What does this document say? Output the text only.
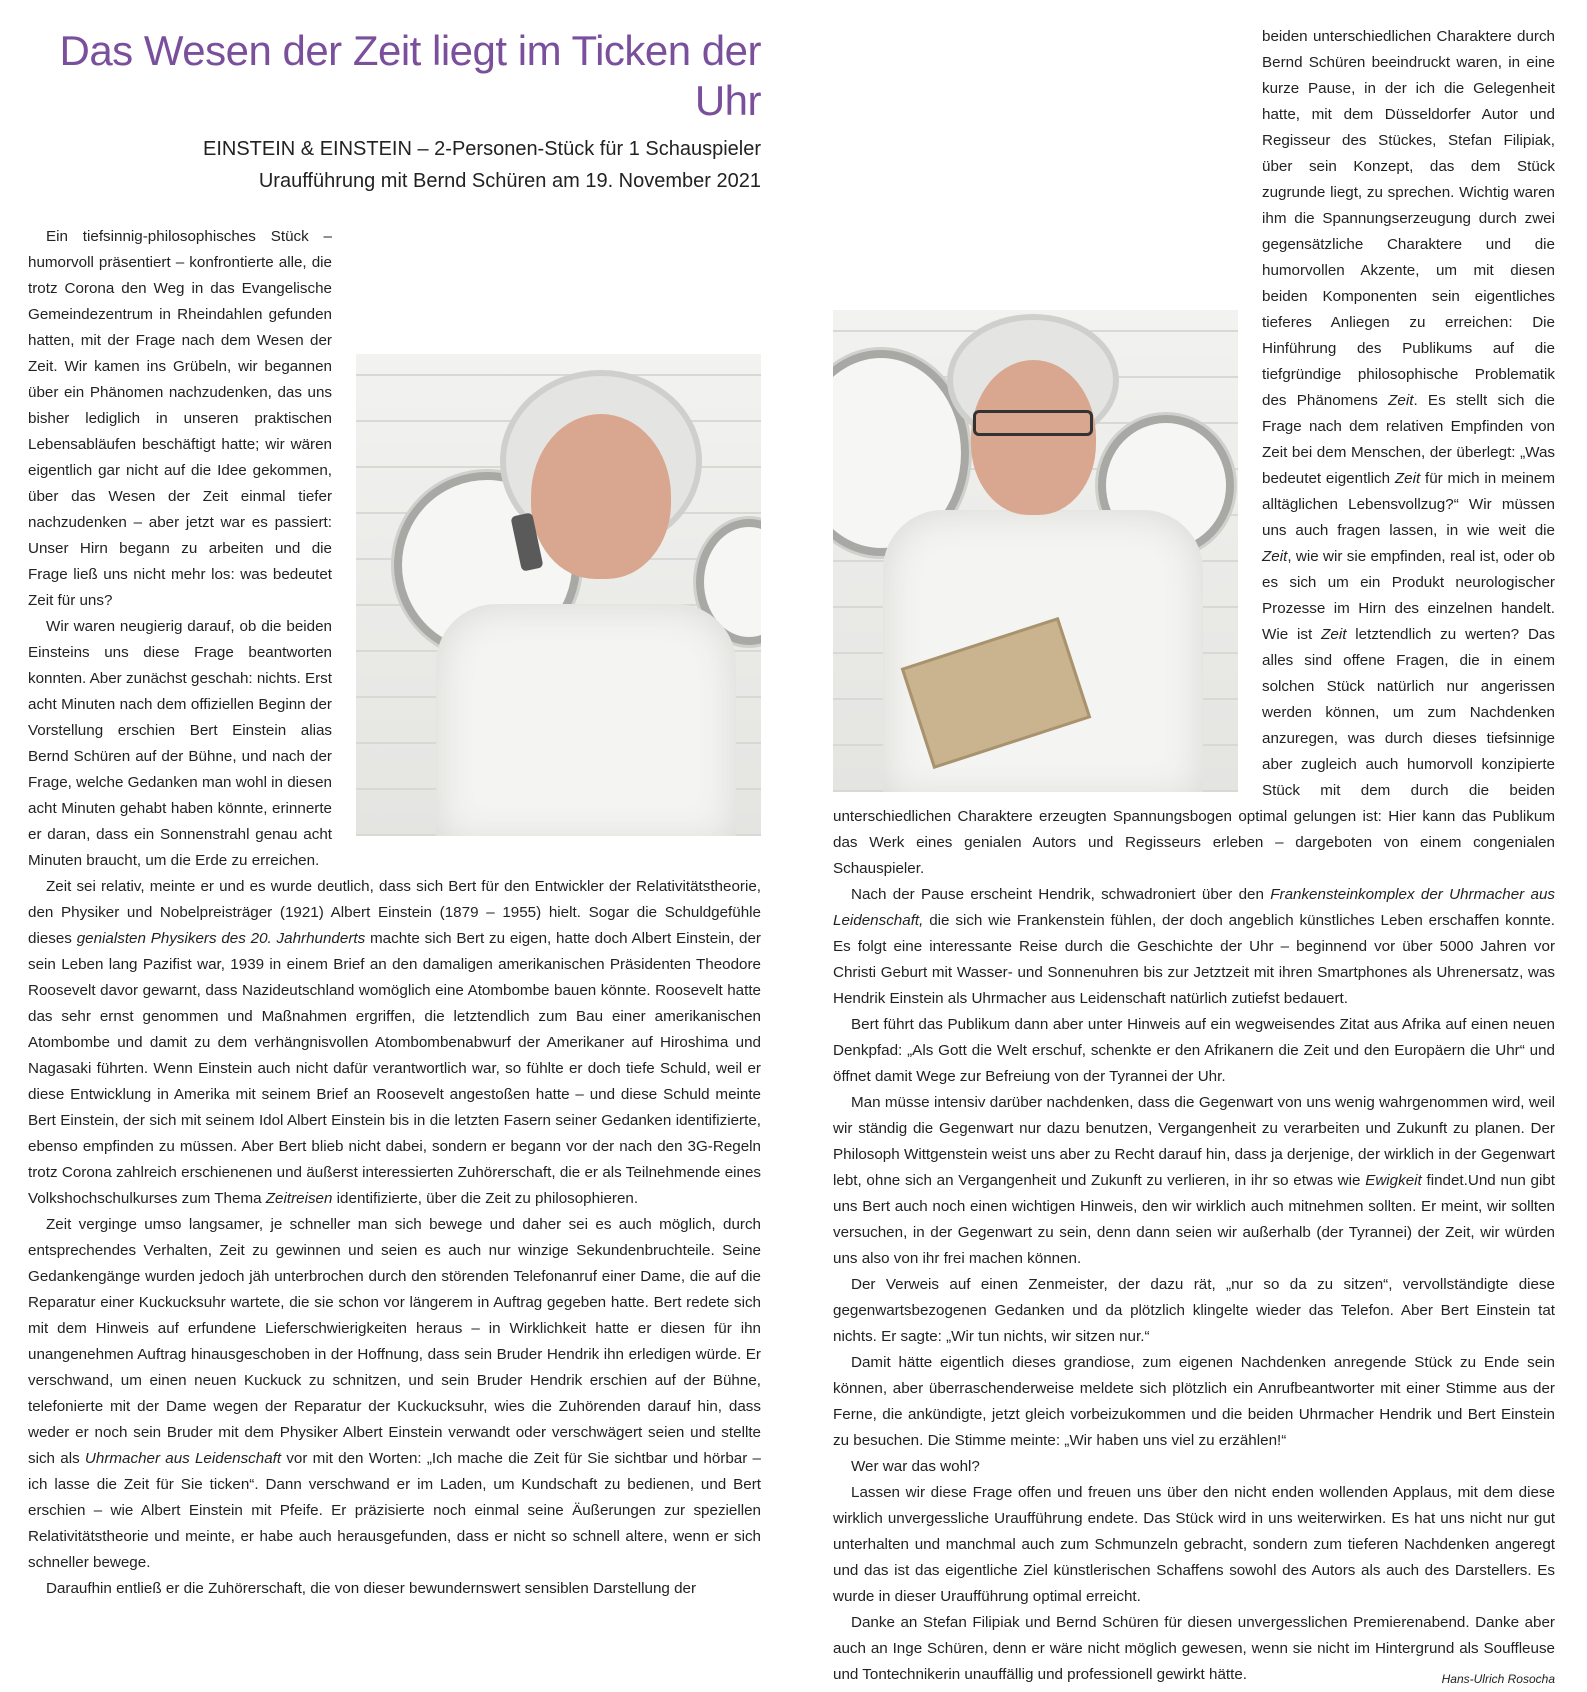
Das Wesen der Zeit liegt im Ticken der Uhr
EINSTEIN & EINSTEIN – 2-Personen-Stück für 1 Schauspieler
Uraufführung mit Bernd Schüren am 19. November 2021

Ein tiefsinnig-philosophisches Stück – humorvoll präsentiert – konfrontierte alle, die trotz Corona den Weg in das Evangelische Gemeindezentrum in Rheindahlen gefunden hatten, mit der Frage nach dem Wesen der Zeit. Wir kamen ins Grübeln, wir begannen über ein Phänomen nachzudenken, das uns bisher lediglich in unseren praktischen Lebensabläufen beschäftigt hatte; wir wären eigentlich gar nicht auf die Idee gekommen, über das Wesen der Zeit einmal tiefer nachzudenken – aber jetzt war es passiert: Unser Hirn begann zu arbeiten und die Frage ließ uns nicht mehr los: was bedeutet Zeit für uns?

Wir waren neugierig darauf, ob die beiden Einsteins uns diese Frage beantworten konnten. Aber zunächst geschah: nichts. Erst acht Minuten nach dem offiziellen Beginn der Vorstellung erschien Bert Einstein alias Bernd Schüren auf der Bühne, und nach der Frage, welche Gedanken man wohl in diesen acht Minuten gehabt haben könnte, erinnerte er daran, dass ein Sonnenstrahl genau acht Minuten braucht, um die Erde zu erreichen.

Zeit sei relativ, meinte er und es wurde deutlich, dass sich Bert für den Entwickler der Relativitätstheorie, den Physiker und Nobelpreisträger (1921) Albert Einstein (1879 – 1955) hielt. Sogar die Schuldgefühle dieses genialsten Physikers des 20. Jahrhunderts machte sich Bert zu eigen, hatte doch Albert Einstein, der sein Leben lang Pazifist war, 1939 in einem Brief an den damaligen amerikanischen Präsidenten Theodore Roosevelt davor gewarnt, dass Nazideutschland womöglich eine Atombombe bauen könnte. Roosevelt hatte das sehr ernst genommen und Maßnahmen ergriffen, die letztendlich zum Bau einer amerikanischen Atombombe und damit zu dem verhängnisvollen Atombombenabwurf der Amerikaner auf Hiroshima und Nagasaki führten. Wenn Einstein auch nicht dafür verantwortlich war, so fühlte er doch tiefe Schuld, weil er diese Entwicklung in Amerika mit seinem Brief an Roosevelt angestoßen hatte – und diese Schuld meinte Bert Einstein, der sich mit seinem Idol Albert Einstein bis in die letzten Fasern seiner Gedanken identifizierte, ebenso empfinden zu müssen. Aber Bert blieb nicht dabei, sondern er begann vor der nach den 3G-Regeln trotz Corona zahlreich erschienenen und äußerst interessierten Zuhörerschaft, die er als Teilnehmende eines Volkshochschulkurses zum Thema Zeitreisen identifizierte, über die Zeit zu philosophieren.

Zeit verginge umso langsamer, je schneller man sich bewege und daher sei es auch möglich, durch entsprechendes Verhalten, Zeit zu gewinnen und seien es auch nur winzige Sekundenbruchteile. Seine Gedankengänge wurden jedoch jäh unterbrochen durch den störenden Telefonanruf einer Dame, die auf die Reparatur einer Kuckucksuhr wartete, die sie schon vor längerem in Auftrag gegeben hatte. Bert redete sich mit dem Hinweis auf erfundene Lieferschwierigkeiten heraus – in Wirklichkeit hatte er diesen für ihn unangenehmen Auftrag hinausgeschoben in der Hoffnung, dass sein Bruder Hendrik ihn erledigen würde. Er verschwand, um einen neuen Kuckuck zu schnitzen, und sein Bruder Hendrik erschien auf der Bühne, telefonierte mit der Dame wegen der Reparatur der Kuckucksuhr, wies die Zuhörenden darauf hin, dass weder er noch sein Bruder mit dem Physiker Albert Einstein verwandt oder verschwägert seien und stellte sich als Uhrmacher aus Leidenschaft vor mit den Worten: „Ich mache die Zeit für Sie sichtbar und hörbar – ich lasse die Zeit für Sie ticken“. Dann verschwand er im Laden, um Kundschaft zu bedienen, und Bert erschien – wie Albert Einstein mit Pfeife. Er präzisierte noch einmal seine Äußerungen zur speziellen Relativitätstheorie und meinte, er habe auch herausgefunden, dass er nicht so schnell altere, wenn er sich schneller bewege.

Daraufhin entließ er die Zuhörerschaft, die von dieser bewundernswert sensiblen Darstellung der

beiden unterschiedlichen Charaktere durch Bernd Schüren beeindruckt waren, in eine kurze Pause, in der ich die Gelegenheit hatte, mit dem Düsseldorfer Autor und Regisseur des Stückes, Stefan Filipiak, über sein Konzept, das dem Stück zugrunde liegt, zu sprechen. Wichtig waren ihm die Spannungserzeugung durch zwei gegensätzliche Charaktere und die humorvollen Akzente, um mit diesen beiden Komponenten sein eigentliches tieferes Anliegen zu erreichen: Die Hinführung des Publikums auf die tiefgründige philosophische Problematik des Phänomens Zeit. Es stellt sich die Frage nach dem relativen Empfinden von Zeit bei dem Menschen, der überlegt: „Was bedeutet eigentlich Zeit für mich in meinem alltäglichen Lebensvollzug?“ Wir müssen uns auch fragen lassen, in wie weit die Zeit, wie wir sie empfinden, real ist, oder ob es sich um ein Produkt neurologischer Prozesse im Hirn des einzelnen handelt. Wie ist Zeit letztendlich zu werten? Das alles sind offene Fragen, die in einem solchen Stück natürlich nur angerissen werden können, um zum Nachdenken anzuregen, was durch dieses tiefsinnige aber zugleich auch humorvoll konzipierte Stück mit dem durch die beiden unterschiedlichen Charaktere erzeugten Spannungsbogen optimal gelungen ist: Hier kann das Publikum das Werk eines genialen Autors und Regisseurs erleben – dargeboten von einem congenialen Schauspieler.

Nach der Pause erscheint Hendrik, schwadroniert über den Frankensteinkomplex der Uhrmacher aus Leidenschaft, die sich wie Frankenstein fühlen, der doch angeblich künstliches Leben erschaffen konnte. Es folgt eine interessante Reise durch die Geschichte der Uhr – beginnend vor über 5000 Jahren vor Christi Geburt mit Wasser- und Sonnenuhren bis zur Jetztzeit mit ihren Smartphones als Uhrenersatz, was Hendrik Einstein als Uhrmacher aus Leidenschaft natürlich zutiefst bedauert.

Bert führt das Publikum dann aber unter Hinweis auf ein wegweisendes Zitat aus Afrika auf einen neuen Denkpfad: „Als Gott die Welt erschuf, schenkte er den Afrikanern die Zeit und den Europäern die Uhr“ und öffnet damit Wege zur Befreiung von der Tyrannei der Uhr.

Man müsse intensiv darüber nachdenken, dass die Gegenwart von uns wenig wahrgenommen wird, weil wir ständig die Gegenwart nur dazu benutzen, Vergangenheit zu verarbeiten und Zukunft zu planen. Der Philosoph Wittgenstein weist uns aber zu Recht darauf hin, dass ja derjenige, der wirklich in der Gegenwart lebt, ohne sich an Vergangenheit und Zukunft zu verlieren, in ihr so etwas wie Ewigkeit findet.Und nun gibt uns Bert auch noch einen wichtigen Hinweis, den wir wirklich auch mitnehmen sollten. Er meint, wir sollten versuchen, in der Gegenwart zu sein, denn dann seien wir außerhalb (der Tyrannei) der Zeit, wir würden uns also von ihr frei machen können.

Der Verweis auf einen Zenmeister, der dazu rät, „nur so da zu sitzen“, vervollständigte diese gegenwartsbezogenen Gedanken und da plötzlich klingelte wieder das Telefon. Aber Bert Einstein tat nichts. Er sagte: „Wir tun nichts, wir sitzen nur.“

Damit hätte eigentlich dieses grandiose, zum eigenen Nachdenken anregende Stück zu Ende sein können, aber überraschenderweise meldete sich plötzlich ein Anrufbeantworter mit einer Stimme aus der Ferne, die ankündigte, jetzt gleich vorbeizukommen und die beiden Uhrmacher Hendrik und Bert Einstein zu besuchen. Die Stimme meinte: „Wir haben uns viel zu erzählen!“

Wer war das wohl?

Lassen wir diese Frage offen und freuen uns über den nicht enden wollenden Applaus, mit dem diese wirklich unvergessliche Uraufführung endete. Das Stück wird in uns weiterwirken. Es hat uns nicht nur gut unterhalten und manchmal auch zum Schmunzeln gebracht, sondern zum tieferen Nachdenken angeregt und das ist das eigentliche Ziel künstlerischen Schaffens sowohl des Autors als auch des Darstellers. Es wurde in dieser Uraufführung optimal erreicht.

Danke an Stefan Filipiak und Bernd Schüren für diesen unvergesslichen Premierenabend. Danke aber auch an Inge Schüren, denn er wäre nicht möglich gewesen, wenn sie nicht im Hintergrund als Souffleuse und Tontechnikerin unauffällig und professionell gewirkt hätte.	Hans-Ulrich Rosocha
